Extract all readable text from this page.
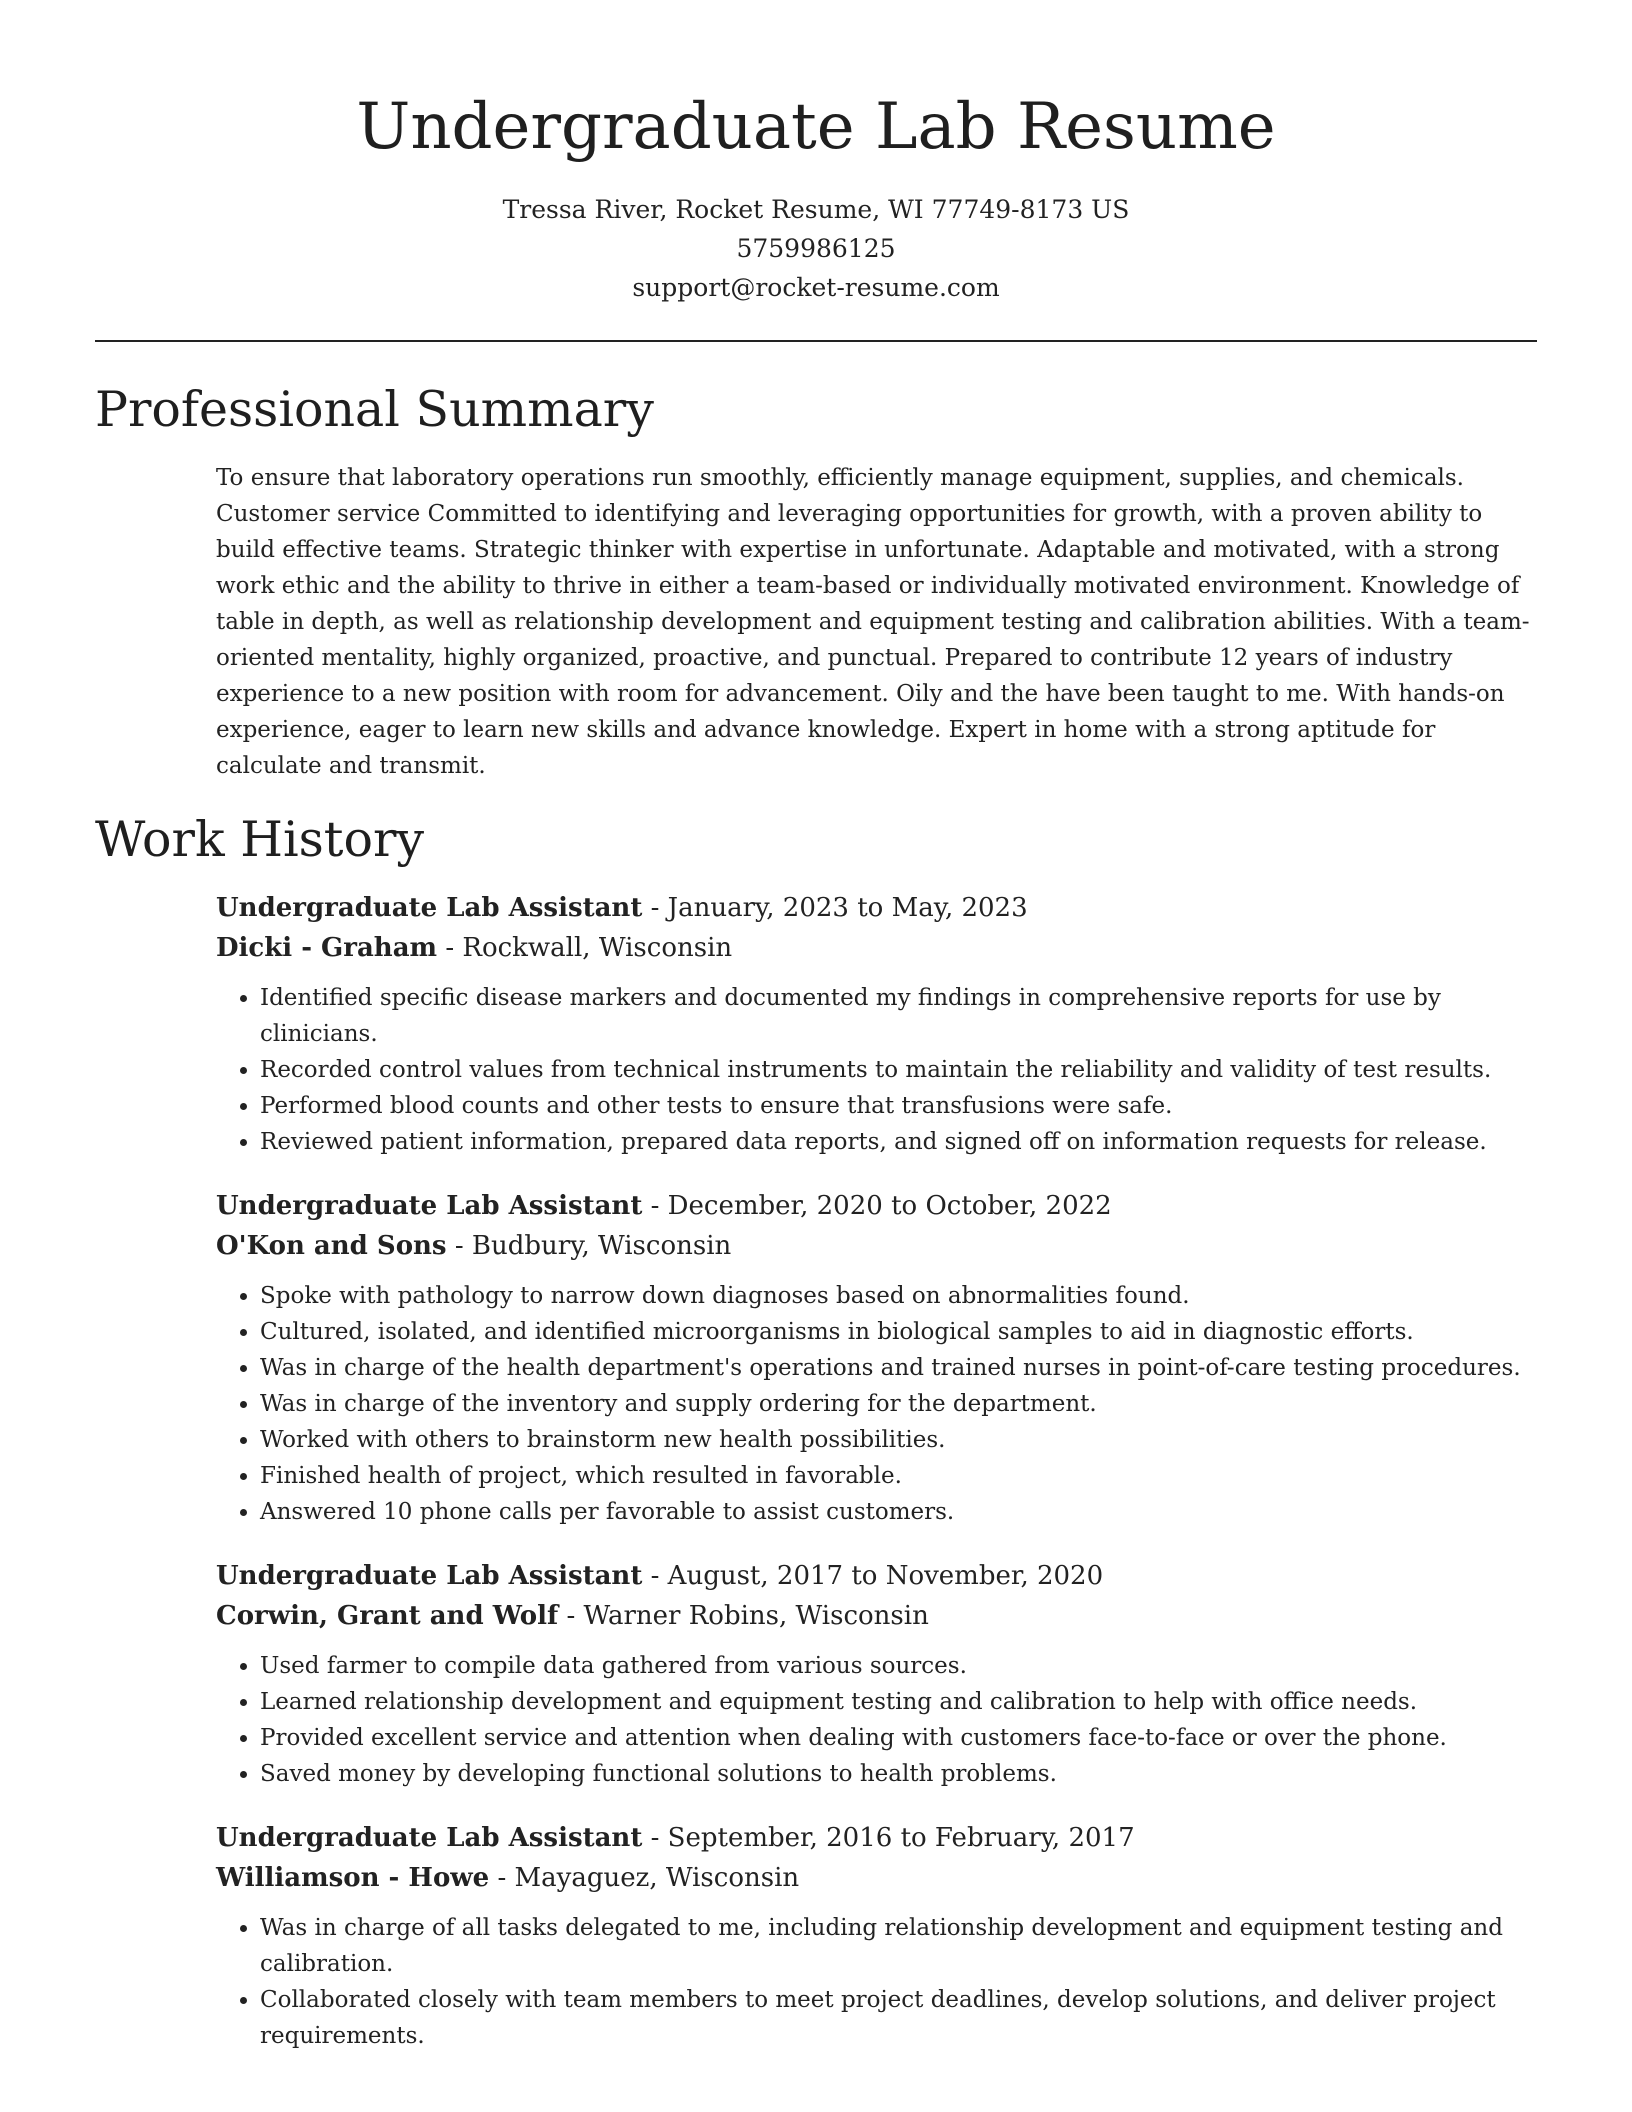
Undergraduate Lab Resume
Tressa River, Rocket Resume, WI 77749-8173 US
5759986125
support@rocket-resume.com
Professional Summary

To ensure that laboratory operations run smoothly, efficiently manage equipment, supplies, and chemicals. Customer service Committed to identifying and leveraging opportunities for growth, with a proven ability to build effective teams. Strategic thinker with expertise in unfortunate. Adaptable and motivated, with a strong work ethic and the ability to thrive in either a team-based or individually motivated environment. Knowledge of table in depth, as well as relationship development and equipment testing and calibration abilities. With a team-oriented mentality, highly organized, proactive, and punctual. Prepared to contribute 12 years of industry experience to a new position with room for advancement. Oily and the have been taught to me. With hands-on experience, eager to learn new skills and advance knowledge. Expert in home with a strong aptitude for calculate and transmit.

Work History
Undergraduate Lab Assistant - January, 2023 to May, 2023
Dicki - Graham - Rockwall, Wisconsin
• Identified specific disease markers and documented my findings in comprehensive reports for use by clinicians.
• Recorded control values from technical instruments to maintain the reliability and validity of test results.
• Performed blood counts and other tests to ensure that transfusions were safe.
• Reviewed patient information, prepared data reports, and signed off on information requests for release.
Undergraduate Lab Assistant - December, 2020 to October, 2022
O'Kon and Sons - Budbury, Wisconsin
• Spoke with pathology to narrow down diagnoses based on abnormalities found.
• Cultured, isolated, and identified microorganisms in biological samples to aid in diagnostic efforts.
• Was in charge of the health department's operations and trained nurses in point-of-care testing procedures.
• Was in charge of the inventory and supply ordering for the department.
• Worked with others to brainstorm new health possibilities.
• Finished health of project, which resulted in favorable.
• Answered 10 phone calls per favorable to assist customers.
Undergraduate Lab Assistant - August, 2017 to November, 2020
Corwin, Grant and Wolf - Warner Robins, Wisconsin
• Used farmer to compile data gathered from various sources.
• Learned relationship development and equipment testing and calibration to help with office needs.
• Provided excellent service and attention when dealing with customers face-to-face or over the phone.
• Saved money by developing functional solutions to health problems.
Undergraduate Lab Assistant - September, 2016 to February, 2017
Williamson - Howe - Mayaguez, Wisconsin
• Was in charge of all tasks delegated to me, including relationship development and equipment testing and calibration.
• Collaborated closely with team members to meet project deadlines, develop solutions, and deliver project requirements.
